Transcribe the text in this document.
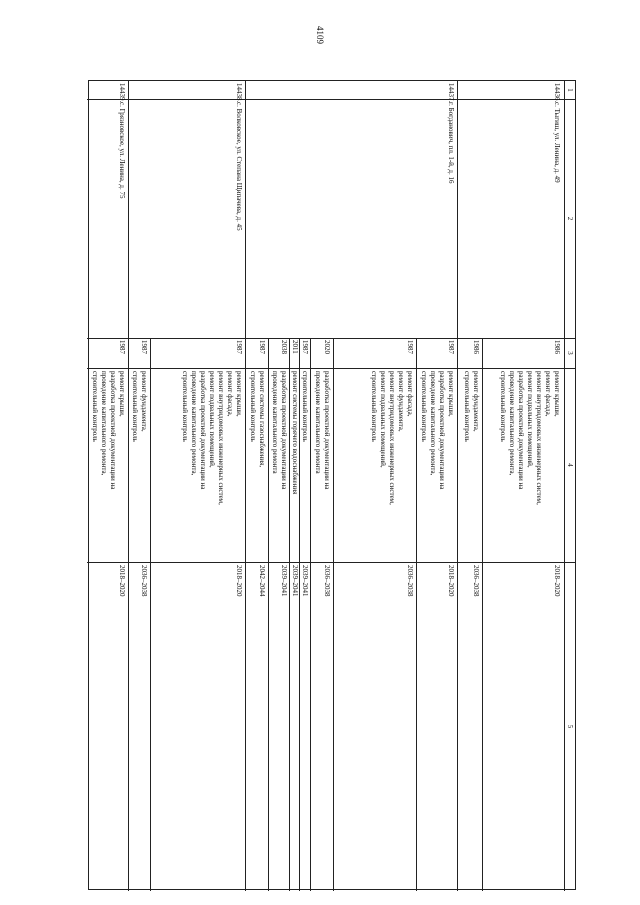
4109
1
2
3
4
5
14436.
с. Тыгиш, ул. Ленина, д. 49
1986
ремонт крыши,
ремонт фасада,
ремонт внутридомовых инженерных систем,
ремонт подвальных помещений,
разработка проектной документации на
проведение капитального ремонта,
строительный контроль
2018–2020
1986
ремонт фундамента,
строительный контроль
2036–2038
14437.
г. Богданович, пл. 1-й, д. 16
1987
ремонт крыши,
разработка проектной документации на
проведение капитального ремонта,
строительный контроль
2018–2020
1987
ремонт фасада,
ремонт фундамента,
ремонт внутридомовых инженерных систем,
ремонт подвальных помещений,
строительный контроль
2036–2038
2020
разработка проектной документации на
проведение капитального ремонта
2036–2038
1987
строительный контроль
2039–2041
2011
ремонт системы горячего водоснабжения
2039–2041
2038
разработка проектной документации на
проведение капитального ремонта
2039–2041
1987
ремонт системы газоснабжения,
строительный контроль
2042–2044
14438.
с. Волковское, ул. Степана Щипачева, д. 45
1987
ремонт крыши,
ремонт фасада,
ремонт внутридомовых инженерных систем,
ремонт подвальных помещений,
разработка проектной документации на
проведение капитального ремонта,
строительный контроль
2018–2020
1987
ремонт фундамента,
строительный контроль
2036–2038
14439.
с. Грязновское, ул. Ленина, д. 75
1987
ремонт крыши,
разработка проектной документации на
проведение капитального ремонта,
строительный контроль
2018–2020
